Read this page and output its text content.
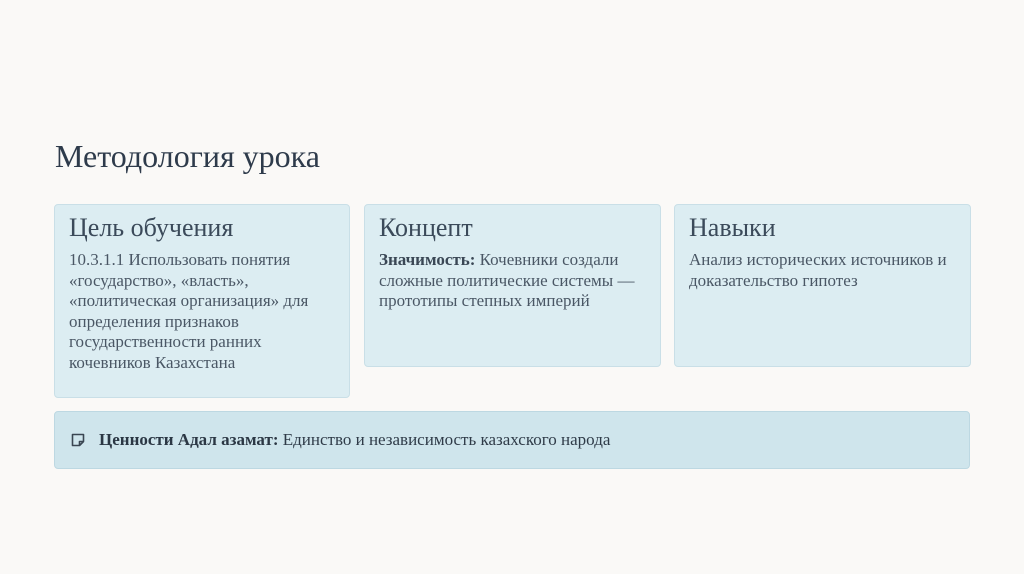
Методология урока
Цель обучения
10.3.1.1 Использовать понятия «государство», «власть», «политическая организация» для определения признаков государственности ранних кочевников Казахстана
Концепт
Значимость: Кочевники создали сложные политические системы — прототипы степных империй
Навыки
Анализ исторических источников и доказательство гипотез
Ценности Адал азамат: Единство и независимость казахского народа
